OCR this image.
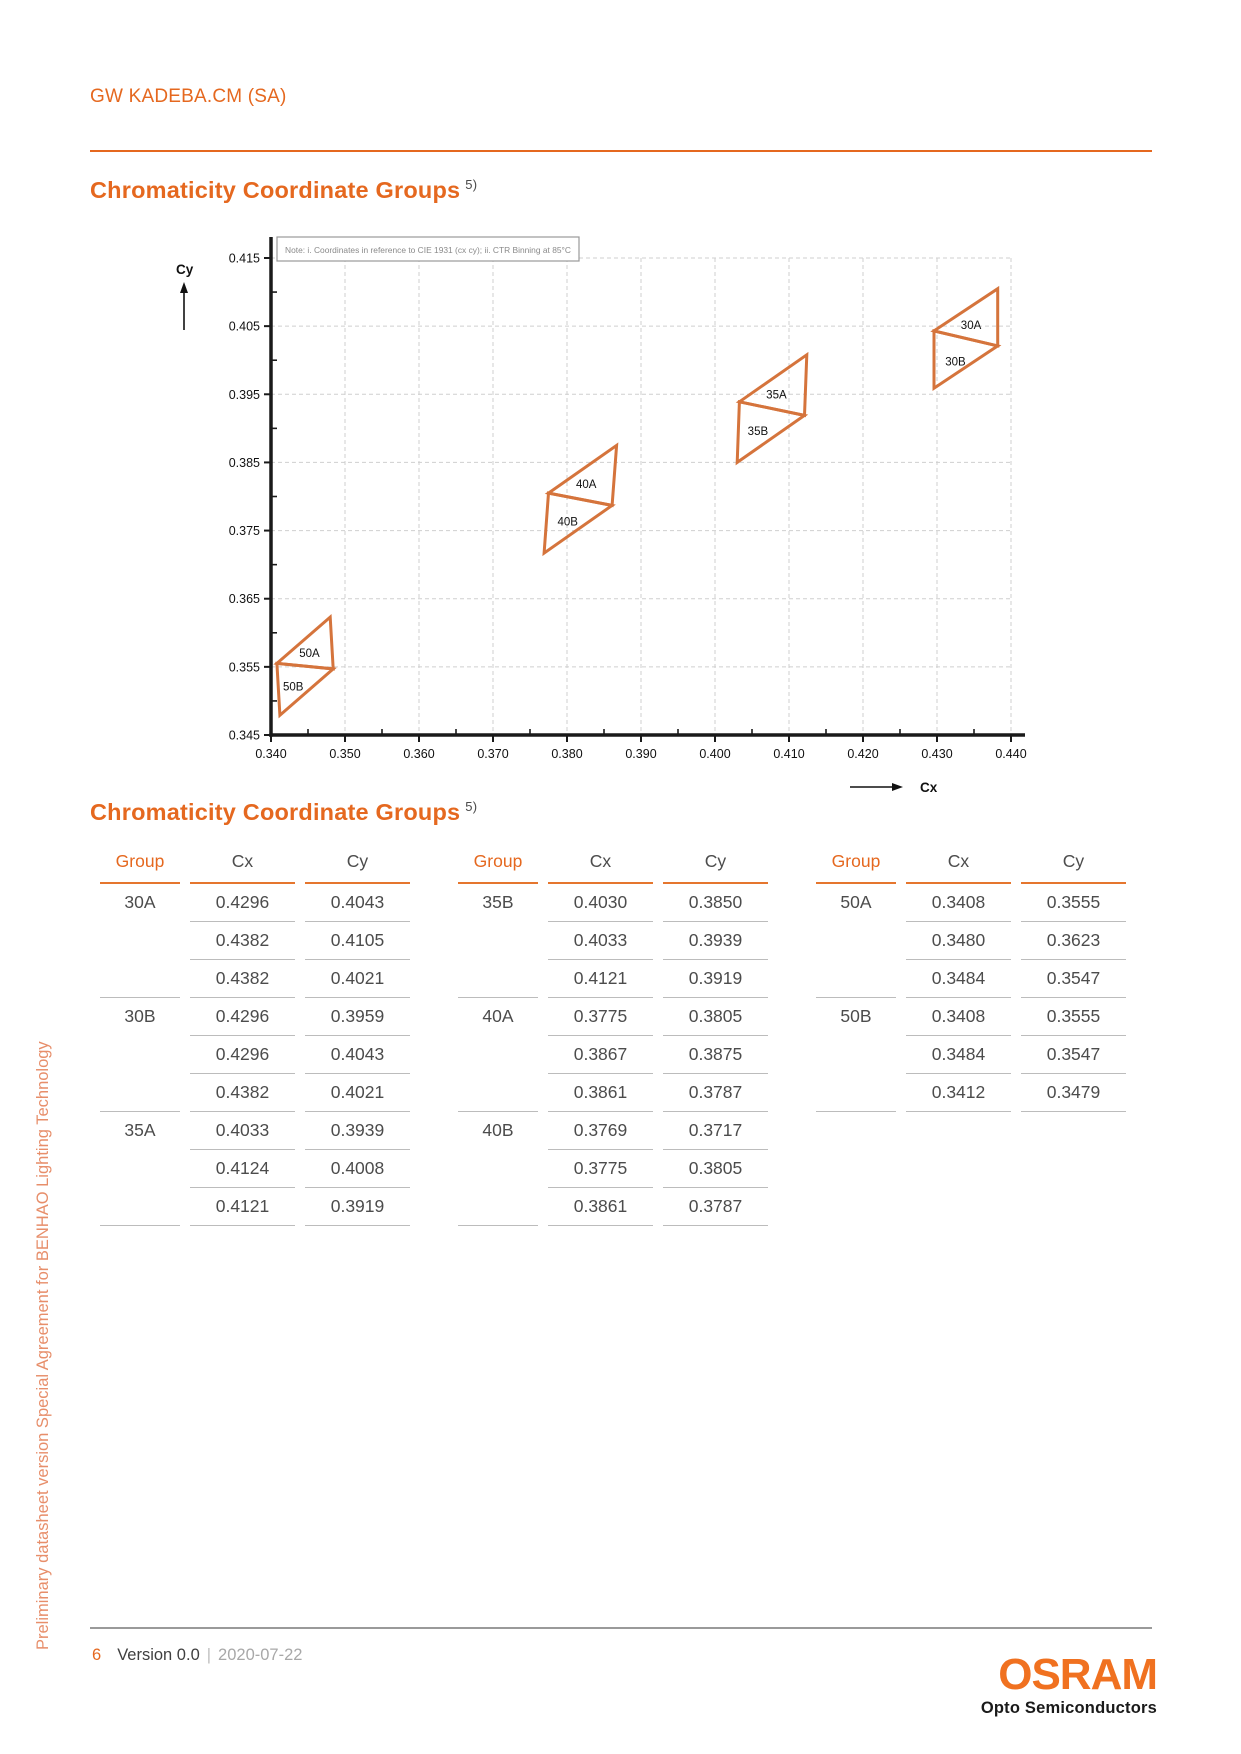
Preliminary datasheet version Special Agreement for BENHAO Lighting Technology
GW KADEBA.CM (SA)
Chromaticity Coordinate Groups $^{5)}$
0.340	0.350	0.360	0.370	0.380	0.390	0.400	0.410	0.420	0.430	0.440
0.345
0.355
0.365
0.375
0.385
0.395
0.405
0.415
Note: i. Coordinates in reference to CIE 1931 (cx cy); ii. CTR Binning at 85°C
Cy
Cx
30A
30B
35A
35B
40A
40B
50A
50B
Chromaticity Coordinate Groups $^{5)}$
Group	Cx	Cy
30A	0.4296	0.4043
	0.4382	0.4105
	0.4382	0.4021
30B	0.4296	0.3959
	0.4296	0.4043
	0.4382	0.4021
35A	0.4033	0.3939
	0.4124	0.4008
	0.4121	0.3919
Group	Cx	Cy
35B	0.4030	0.3850
	0.4033	0.3939
	0.4121	0.3919
40A	0.3775	0.3805
	0.3867	0.3875
	0.3861	0.3787
40B	0.3769	0.3717
	0.3775	0.3805
	0.3861	0.3787
Group	Cx	Cy
50A	0.3408	0.3555
	0.3480	0.3623
	0.3484	0.3547
50B	0.3408	0.3555
	0.3484	0.3547
	0.3412	0.3479
6 Version 0.0 | 2020-07-22	OSRAM
Opto Semiconductors
